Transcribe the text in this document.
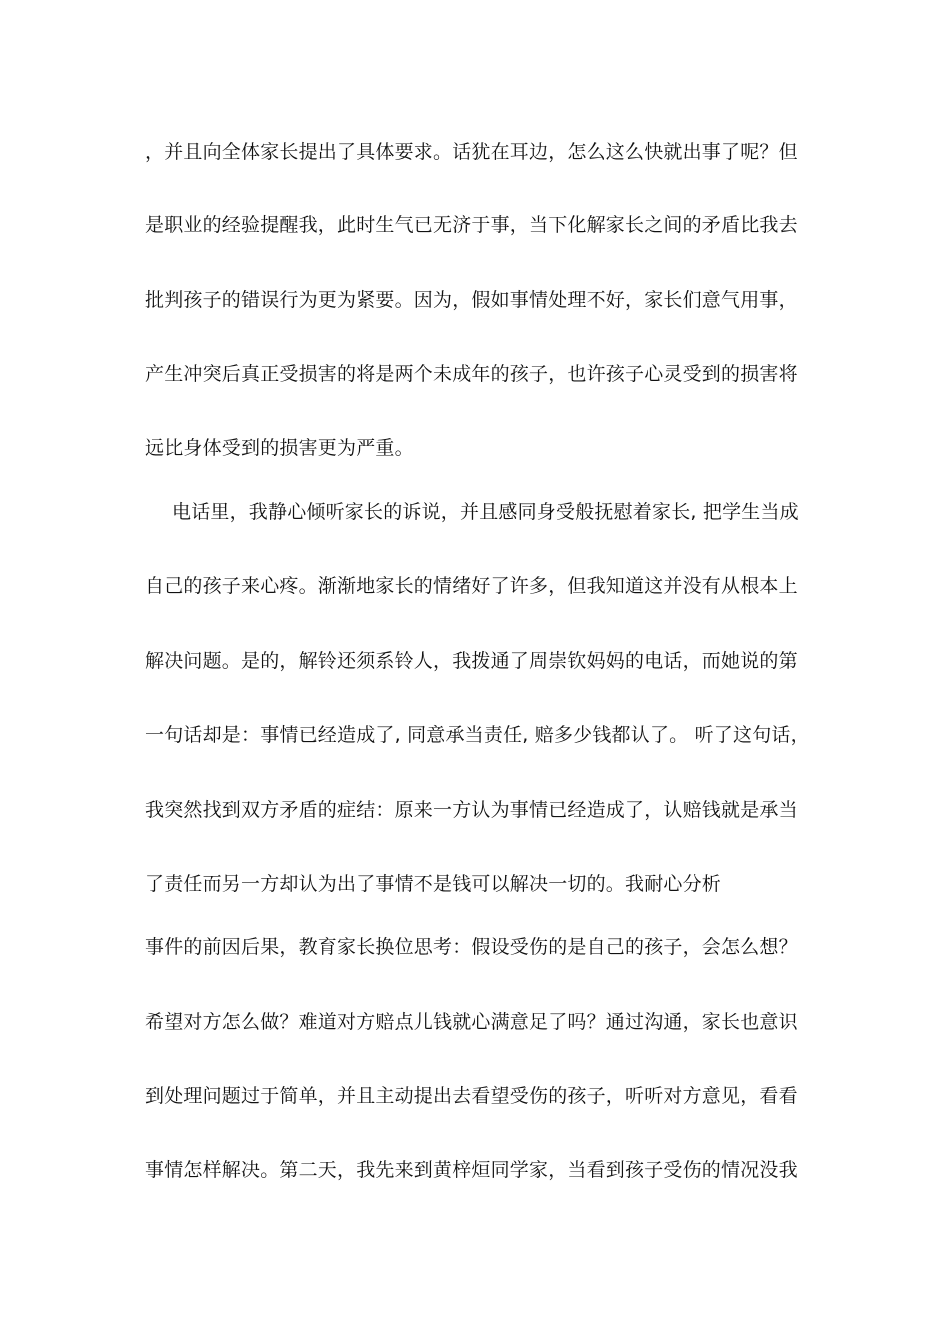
，并且向全体家长提出了具体要求。话犹在耳边，怎么这么快就出事了呢？但
是职业的经验提醒我，此时生气已无济于事，当下化解家长之间的矛盾比我去
批判孩子的错误行为更为紧要。因为，假如事情处理不好，家长们意气用事，
产生冲突后真正受损害的将是两个未成年的孩子，也许孩子心灵受到的损害将
远比身体受到的损害更为严重。
电话里，我静心倾听家长的诉说，并且感同身受般抚慰着家长, 把学生当成
自己的孩子来心疼。渐渐地家长的情绪好了许多，但我知道这并没有从根本上
解决问题。是的，解铃还须系铃人，我拨通了周崇钦妈妈的电话，而她说的第
一句话却是：事情已经造成了, 同意承当责任, 赔多少钱都认了。 听了这句话，
我突然找到双方矛盾的症结：原来一方认为事情已经造成了，认赔钱就是承当
了责任而另一方却认为出了事情不是钱可以解决一切的。我耐心分析
事件的前因后果，教育家长换位思考：假设受伤的是自己的孩子，会怎么想？
希望对方怎么做？难道对方赔点儿钱就心满意足了吗？通过沟通，家长也意识
到处理问题过于简单，并且主动提出去看望受伤的孩子，听听对方意见，看看
事情怎样解决。第二天，我先来到黄梓烜同学家，当看到孩子受伤的情况没我
